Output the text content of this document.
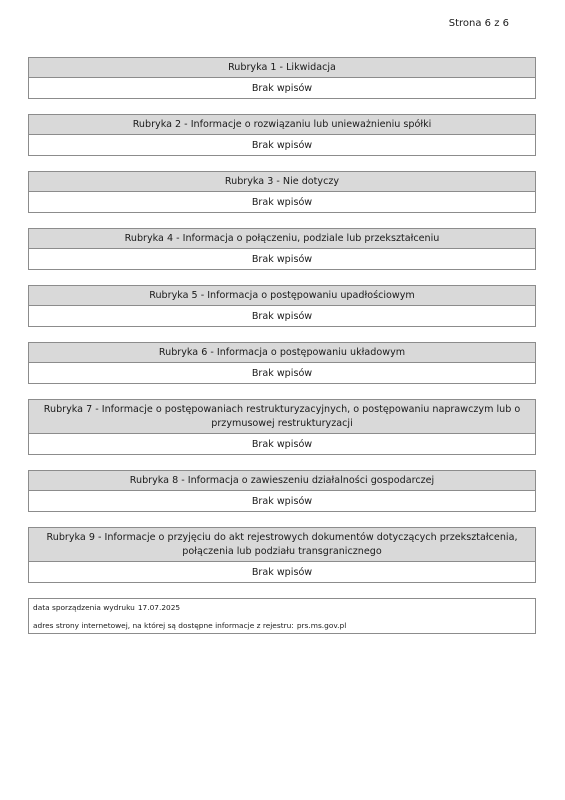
Strona 6 z 6
Rubryka 1 - Likwidacja
Brak wpisów
Rubryka 2 - Informacje o rozwiązaniu lub unieważnieniu spółki
Brak wpisów
Rubryka 3 - Nie dotyczy
Brak wpisów
Rubryka 4 - Informacja o połączeniu, podziale lub przekształceniu
Brak wpisów
Rubryka 5 - Informacja o postępowaniu upadłościowym
Brak wpisów
Rubryka 6 - Informacja o postępowaniu układowym
Brak wpisów
Rubryka 7 - Informacje o postępowaniach restrukturyzacyjnych, o postępowaniu naprawczym lub o przymusowej restrukturyzacji
Brak wpisów
Rubryka 8 - Informacja o zawieszeniu działalności gospodarczej
Brak wpisów
Rubryka 9 - Informacje o przyjęciu do akt rejestrowych dokumentów dotyczących przekształcenia, połączenia lub podziału transgranicznego
Brak wpisów
data sporządzenia wydruku 17.07.2025
adres strony internetowej, na której są dostępne informacje z rejestru: prs.ms.gov.pl
